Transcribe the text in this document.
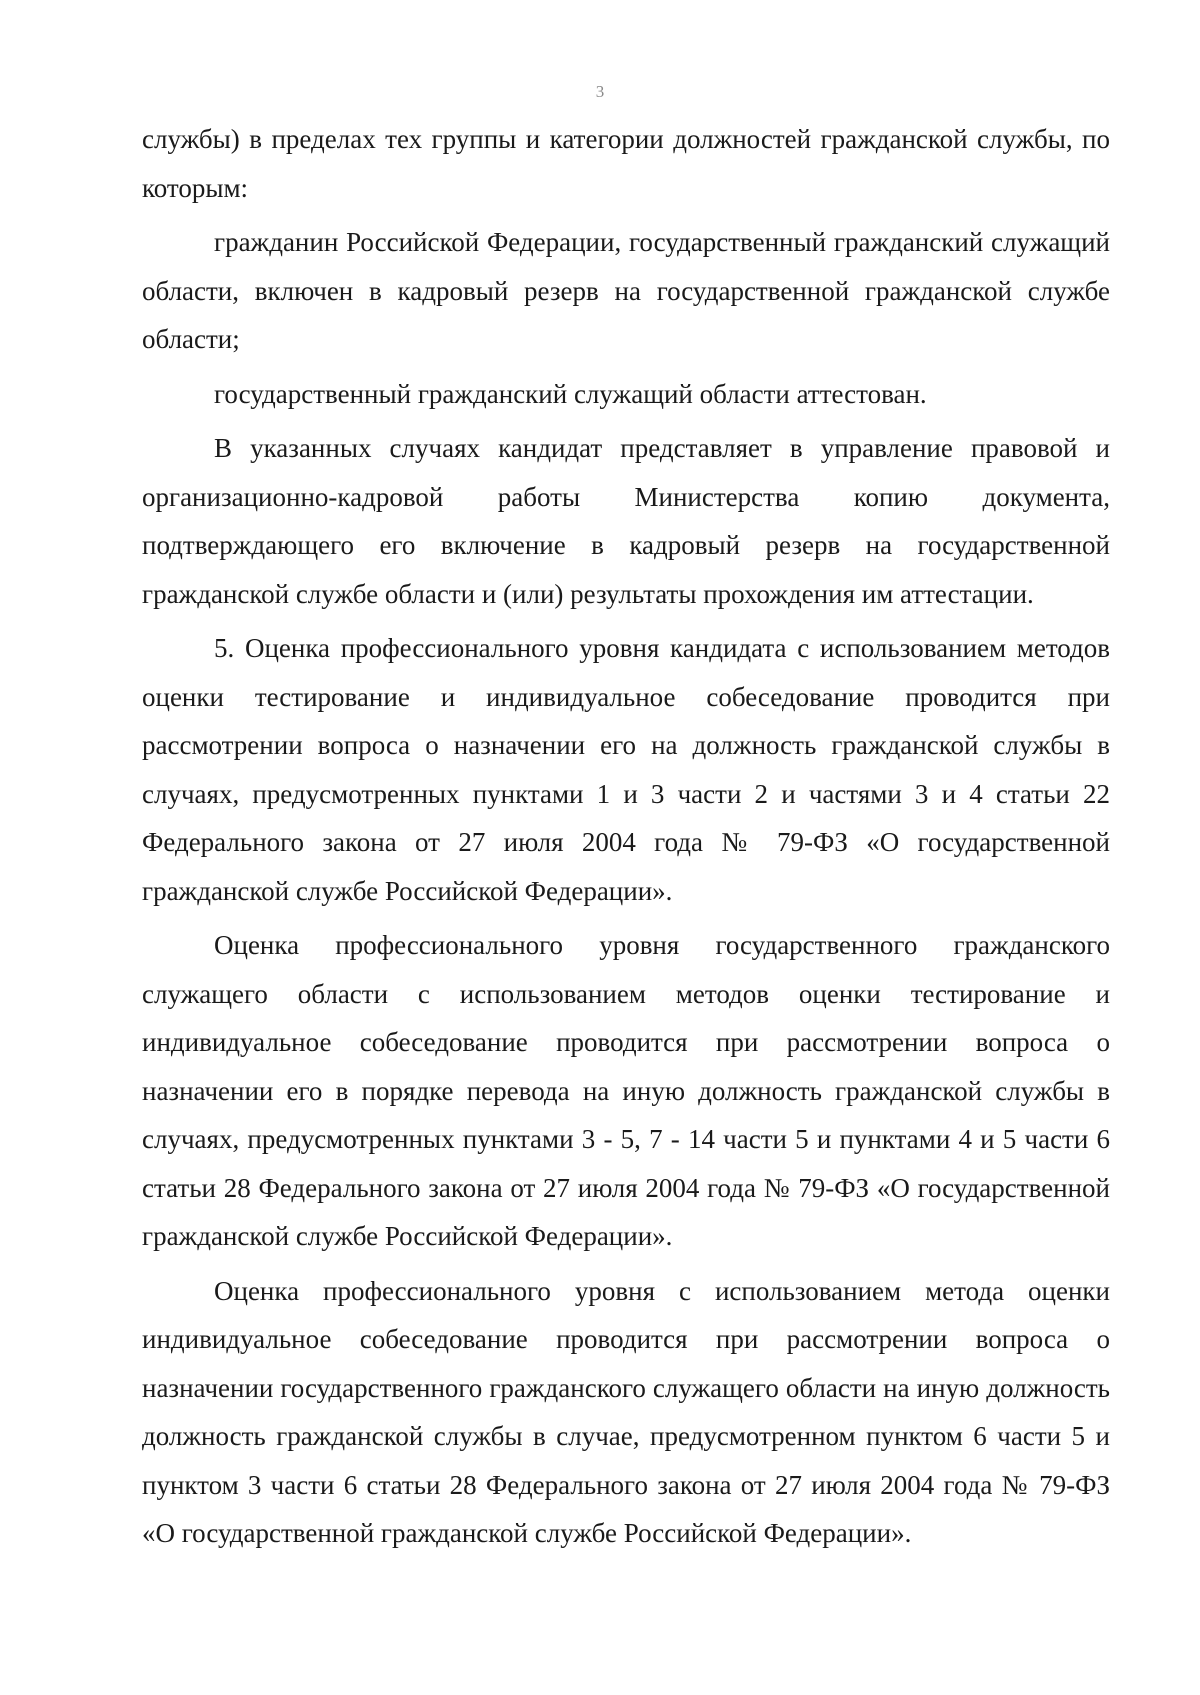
3

службы) в пределах тех группы и категории должностей гражданской службы, по которым:

гражданин Российской Федерации, государственный гражданский служащий области, включен в кадровый резерв на государственной гражданской службе области;

государственный гражданский служащий области аттестован.

В указанных случаях кандидат представляет в управление правовой и организационно-кадровой работы Министерства копию документа, подтверждающего его включение в кадровый резерв на государственной гражданской службе области и (или) результаты прохождения им аттестации.

5. Оценка профессионального уровня кандидата с использованием методов оценки тестирование и индивидуальное собеседование проводится при рассмотрении вопроса о назначении его на должность гражданской службы в случаях, предусмотренных пунктами 1 и 3 части 2 и частями 3 и 4 статьи 22 Федерального закона от 27 июля 2004 года № 79-ФЗ «О государственной гражданской службе Российской Федерации».

Оценка профессионального уровня государственного гражданского служащего области с использованием методов оценки тестирование и индивидуальное собеседование проводится при рассмотрении вопроса о назначении его в порядке перевода на иную должность гражданской службы в случаях, предусмотренных пунктами 3 - 5, 7 - 14 части 5 и пунктами 4 и 5 части 6 статьи 28 Федерального закона от 27 июля 2004 года № 79-ФЗ «О государственной гражданской службе Российской Федерации».

Оценка профессионального уровня с использованием метода оценки индивидуальное собеседование проводится при рассмотрении вопроса о назначении государственного гражданского служащего области на иную должность должность гражданской службы в случае, предусмотренном пунктом 6 части 5 и пунктом 3 части 6 статьи 28 Федерального закона от 27 июля 2004 года № 79-ФЗ «О государственной гражданской службе Российской Федерации».
